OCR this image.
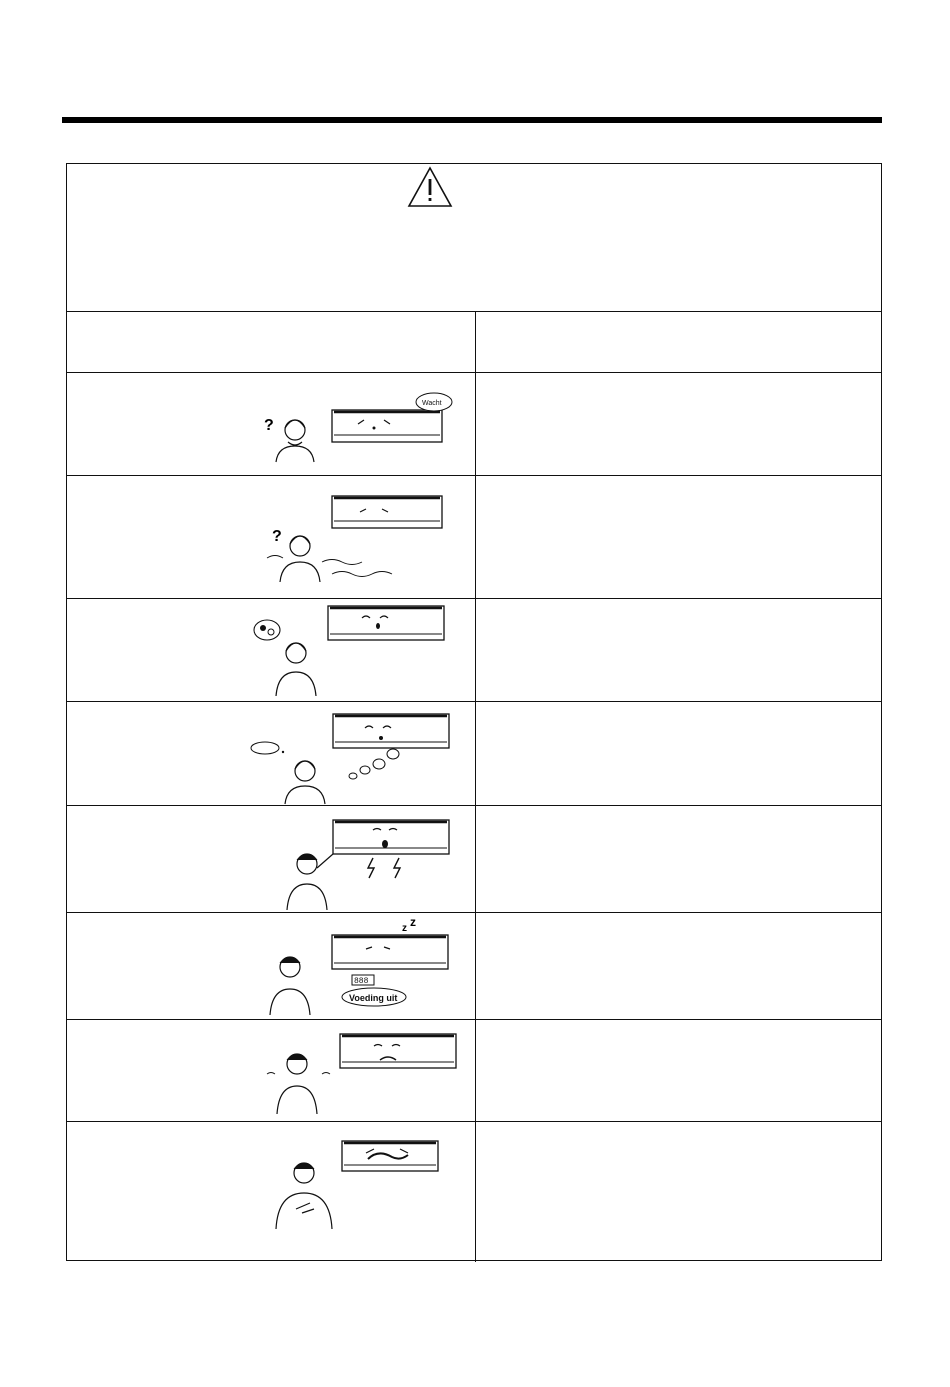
?
Wacht
?
z z
888
Voeding uit
